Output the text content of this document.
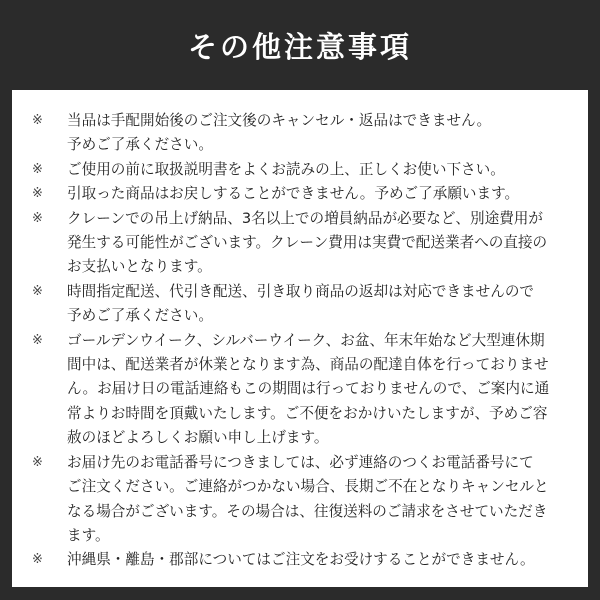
その他注意事項
※	当品は手配開始後のご注文後のキャンセル・返品はできません。
予めご了承ください。
※	ご使用の前に取扱説明書をよくお読みの上、正しくお使い下さい。
※	引取った商品はお戻しすることができません。予めご了承願います。
※	クレーンでの吊上げ納品、3名以上での増員納品が必要など、別途費用が
発生する可能性がございます。クレーン費用は実費で配送業者への直接の
お支払いとなります。
※	時間指定配送、代引き配送、引き取り商品の返却は対応できませんので
予めご了承ください。
※	ゴールデンウイーク、シルバーウイーク、お盆、年末年始など大型連休期
間中は、配送業者が休業となります為、商品の配達自体を行っておりませ
ん。お届け日の電話連絡もこの期間は行っておりませんので、ご案内に通
常よりお時間を頂戴いたします。ご不便をおかけいたしますが、予めご容
赦のほどよろしくお願い申し上げます。
※	お届け先のお電話番号につきましては、必ず連絡のつくお電話番号にて
ご注文ください。ご連絡がつかない場合、長期ご不在となりキャンセルと
なる場合がございます。その場合は、往復送料のご請求をさせていただき
ます。
※	沖縄県・離島・郡部についてはご注文をお受けすることができません。
